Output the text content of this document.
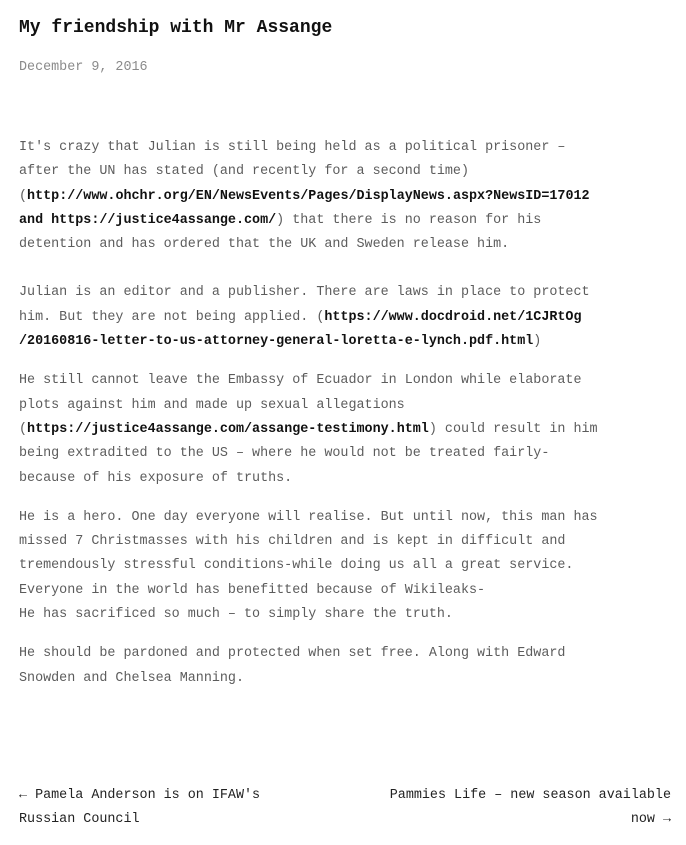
My friendship with Mr Assange
December 9, 2016

It's crazy that Julian is still being held as a political prisoner –

after the UN has stated (and recently for a second time)

(http://www.ohchr.org/EN/NewsEvents/Pages/DisplayNews.aspx?NewsID=17012

and https://justice4assange.com/) that there is no reason for his

detention and has ordered that the UK and Sweden release him.

Julian is an editor and a publisher. There are laws in place to protect

him. But they are not being applied. (https://www.docdroid.net/1CJRtOg

/20160816-letter-to-us-attorney-general-loretta-e-lynch.pdf.html)

He still cannot leave the Embassy of Ecuador in London while elaborate

plots against him and made up sexual allegations

(https://justice4assange.com/assange-testimony.html) could result in him

being extradited to the US – where he would not be treated fairly-

because of his exposure of truths.

He is a hero. One day everyone will realise. But until now, this man has

missed 7 Christmasses with his children and is kept in difficult and

tremendously stressful conditions-while doing us all a great service.

Everyone in the world has benefitted because of Wikileaks-

He has sacrificed so much – to simply share the truth.

He should be pardoned and protected when set free. Along with Edward

Snowden and Chelsea Manning.

← Pamela Anderson is on IFAW's
Russian Council
Pammies Life – new season available
now →
